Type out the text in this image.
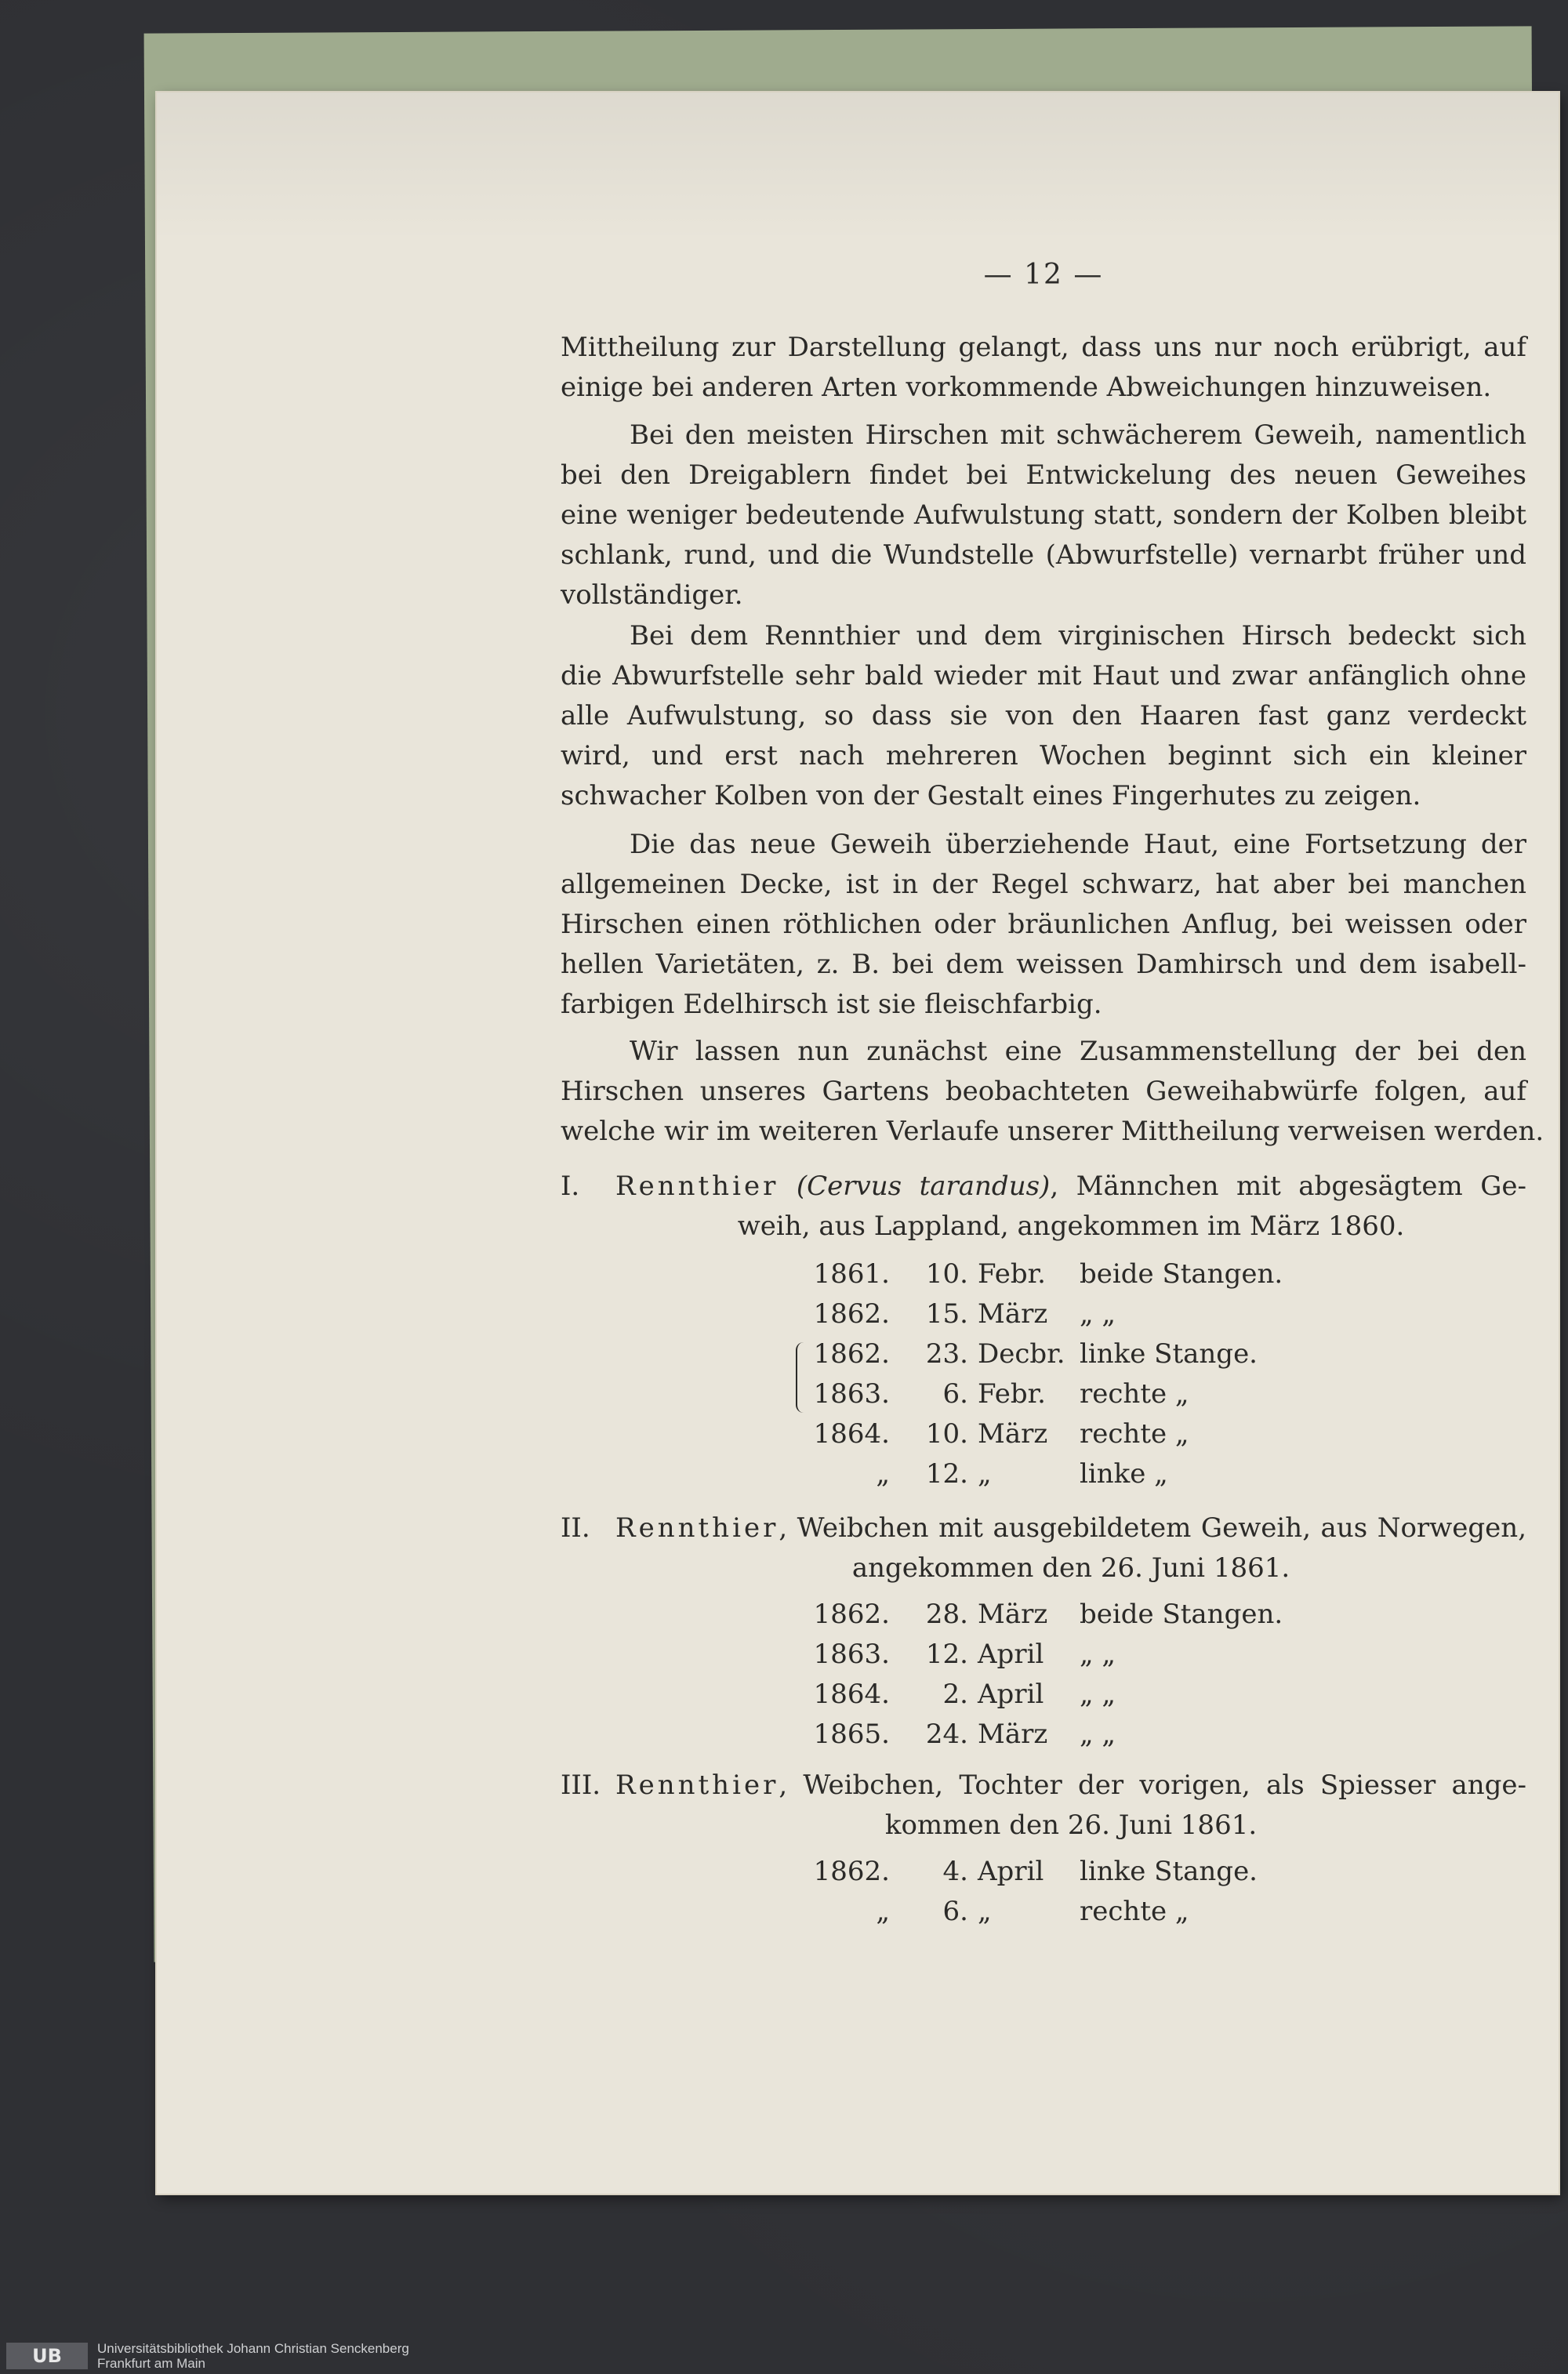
— 12 —
Mittheilung zur Darstellung gelangt, dass uns nur noch erübrigt, auf
einige bei anderen Arten vorkommende Abweichungen hinzuweisen.
Bei den meisten Hirschen mit schwächerem Geweih, namentlich
bei den Dreigablern findet bei Entwickelung des neuen Geweihes
eine weniger bedeutende Aufwulstung statt, sondern der Kolben bleibt
schlank, rund, und die Wundstelle (Abwurfstelle) vernarbt früher und
vollständiger.
Bei dem Rennthier und dem virginischen Hirsch bedeckt sich
die Abwurfstelle sehr bald wieder mit Haut und zwar anfänglich ohne
alle Aufwulstung, so dass sie von den Haaren fast ganz verdeckt
wird, und erst nach mehreren Wochen beginnt sich ein kleiner
schwacher Kolben von der Gestalt eines Fingerhutes zu zeigen.
Die das neue Geweih überziehende Haut, eine Fortsetzung der
allgemeinen Decke, ist in der Regel schwarz, hat aber bei manchen
Hirschen einen röthlichen oder bräunlichen Anflug, bei weissen oder
hellen Varietäten, z. B. bei dem weissen Damhirsch und dem isabell-
farbigen Edelhirsch ist sie fleischfarbig.
Wir lassen nun zunächst eine Zusammenstellung der bei den
Hirschen unseres Gartens beobachteten Geweihabwürfe folgen, auf
welche wir im weiteren Verlaufe unserer Mittheilung verweisen werden.
I. Rennthier (Cervus tarandus), Männchen mit abgesägtem Ge-
weih, aus Lappland, angekommen im März 1860.
1861.	10. Febr.	beide Stangen.
1862.	15. März	„ „
1862.	23. Decbr. linke Stange.
1863.	6. Febr.	rechte „
1864.	10. März	rechte „
„	12. „	linke „
II. Rennthier, Weibchen mit ausgebildetem Geweih, aus Norwegen,
angekommen den 26. Juni 1861.
1862.	28. März	beide Stangen.
1863.	12. April	„ „
1864.	2. April	„ „
1865.	24. März	„ „
III. Rennthier, Weibchen, Tochter der vorigen, als Spiesser ange-
kommen den 26. Juni 1861.
1862.	4. April	linke Stange.
„	6. „	rechte „
UB	Universitätsbibliothek Johann Christian Senckenberg
Frankfurt am Main
